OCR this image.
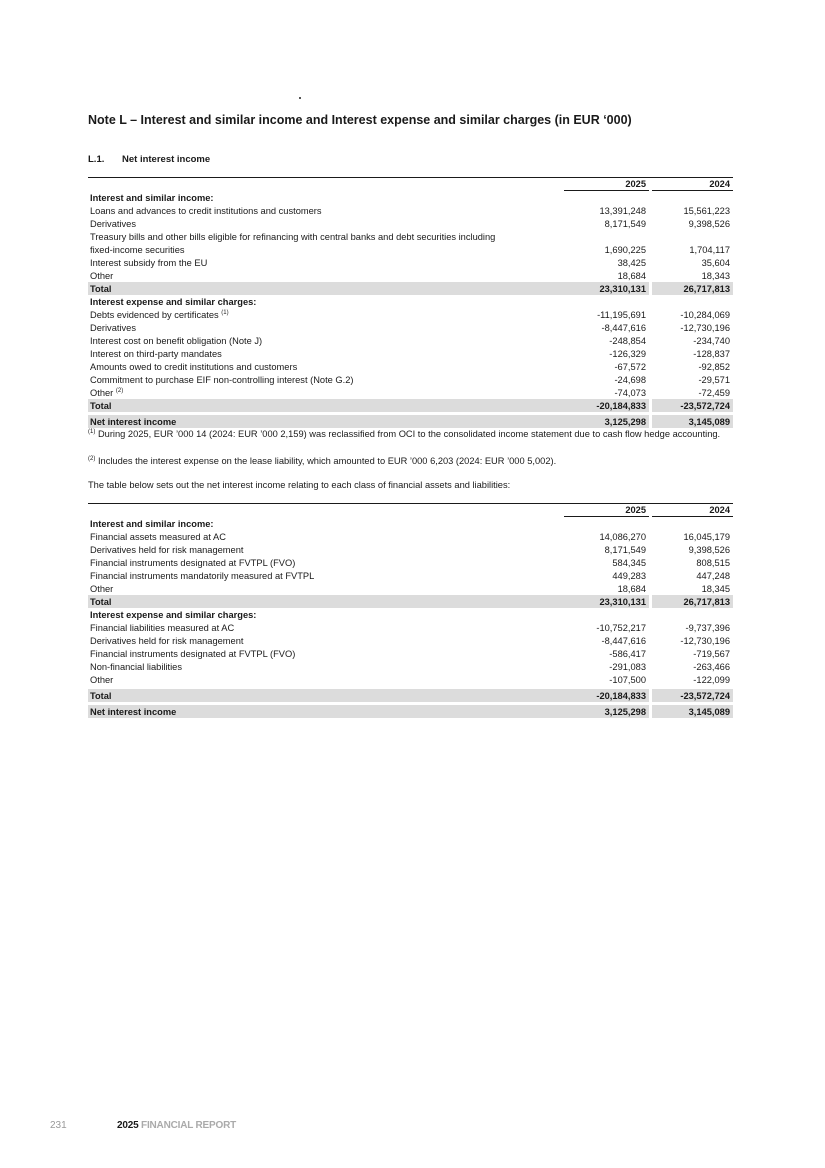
Note L – Interest and similar income and Interest expense and similar charges (in EUR ‘000)
L.1. Net interest income
	2025		2024
Interest and similar income:			
Loans and advances to credit institutions and customers	13,391,248		15,561,223
Derivatives	8,171,549		9,398,526
Treasury bills and other bills eligible for refinancing with central banks and debt securities including			
fixed-income securities	1,690,225		1,704,117
Interest subsidy from the EU	38,425		35,604
Other	18,684		18,343
Total	23,310,131		26,717,813
Interest expense and similar charges:			
Debts evidenced by certificates $^{(1)}$	-11,195,691		-10,284,069
Derivatives	-8,447,616		-12,730,196
Interest cost on benefit obligation (Note J)	-248,854		-234,740
Interest on third-party mandates	-126,329		-128,837
Amounts owed to credit institutions and customers	-67,572		-92,852
Commitment to purchase EIF non-controlling interest (Note G.2)	-24,698		-29,571
Other $^{(2)}$	-74,073		-72,459
Total	-20,184,833		-23,572,724

Net interest income	3,125,298		3,145,089
$^{(1)}$ During 2025, EUR ’000 14 (2024: EUR ’000 2,159) was reclassified from OCI to the consolidated income statement due to cash flow hedge accounting.
$^{(2)}$ Includes the interest expense on the lease liability, which amounted to EUR ’000 6,203 (2024: EUR ’000 5,002).
The table below sets out the net interest income relating to each class of financial assets and liabilities:
	2025		2024
Interest and similar income:			
Financial assets measured at AC	14,086,270		16,045,179
Derivatives held for risk management	8,171,549		9,398,526
Financial instruments designated at FVTPL (FVO)	584,345		808,515
Financial instruments mandatorily measured at FVTPL	449,283		447,248
Other	18,684		18,345
Total	23,310,131		26,717,813
Interest expense and similar charges:			
Financial liabilities measured at AC	-10,752,217		-9,737,396
Derivatives held for risk management	-8,447,616		-12,730,196
Financial instruments designated at FVTPL (FVO)	-586,417		-719,567
Non-financial liabilities	-291,083		-263,466
Other	-107,500		-122,099

Total	-20,184,833		-23,572,724

Net interest income	3,125,298		3,145,089
231	2025 FINANCIAL REPORT
